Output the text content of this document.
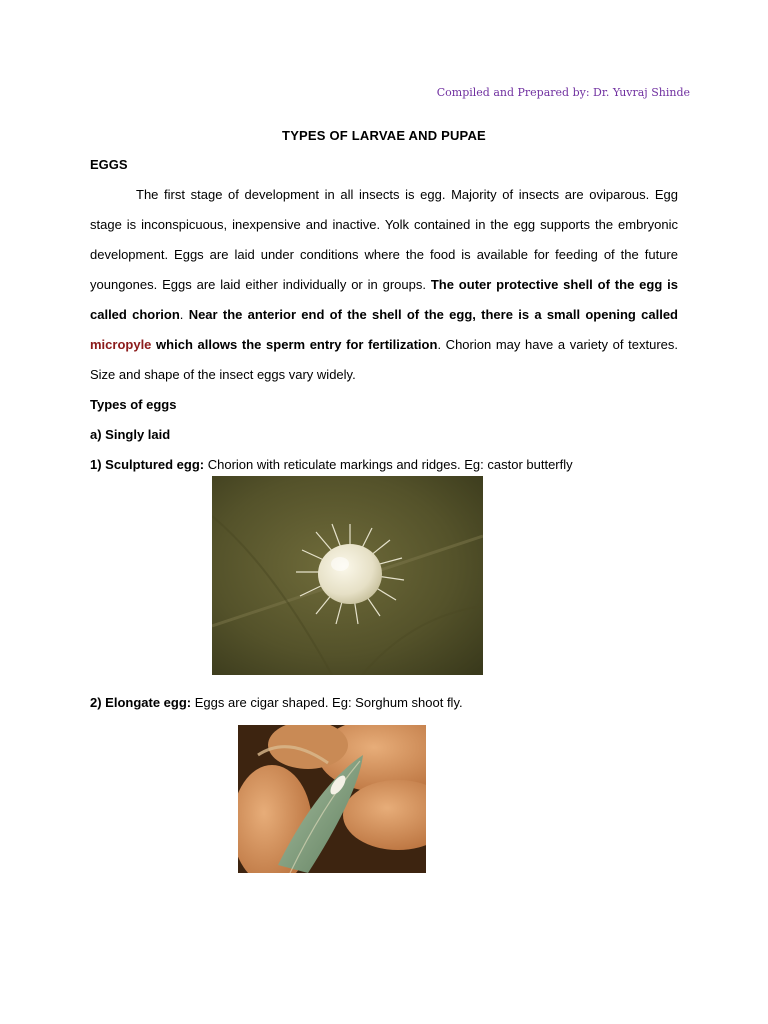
Compiled and Prepared by: Dr. Yuvraj Shinde
TYPES OF LARVAE AND PUPAE
EGGS
The first stage of development in all insects is egg. Majority of insects are oviparous. Egg stage is inconspicuous, inexpensive and inactive. Yolk contained in the egg supports the embryonic development. Eggs are laid under conditions where the food is available for feeding of the future youngones. Eggs are laid either individually or in groups. The outer protective shell of the egg is called chorion. Near the anterior end of the shell of the egg, there is a small opening called micropyle which allows the sperm entry for fertilization. Chorion may have a variety of textures. Size and shape of the insect eggs vary widely.
Types of eggs
a) Singly laid
1) Sculptured egg: Chorion with reticulate markings and ridges. Eg: castor butterfly
2) Elongate egg: Eggs are cigar shaped. Eg: Sorghum shoot fly.
